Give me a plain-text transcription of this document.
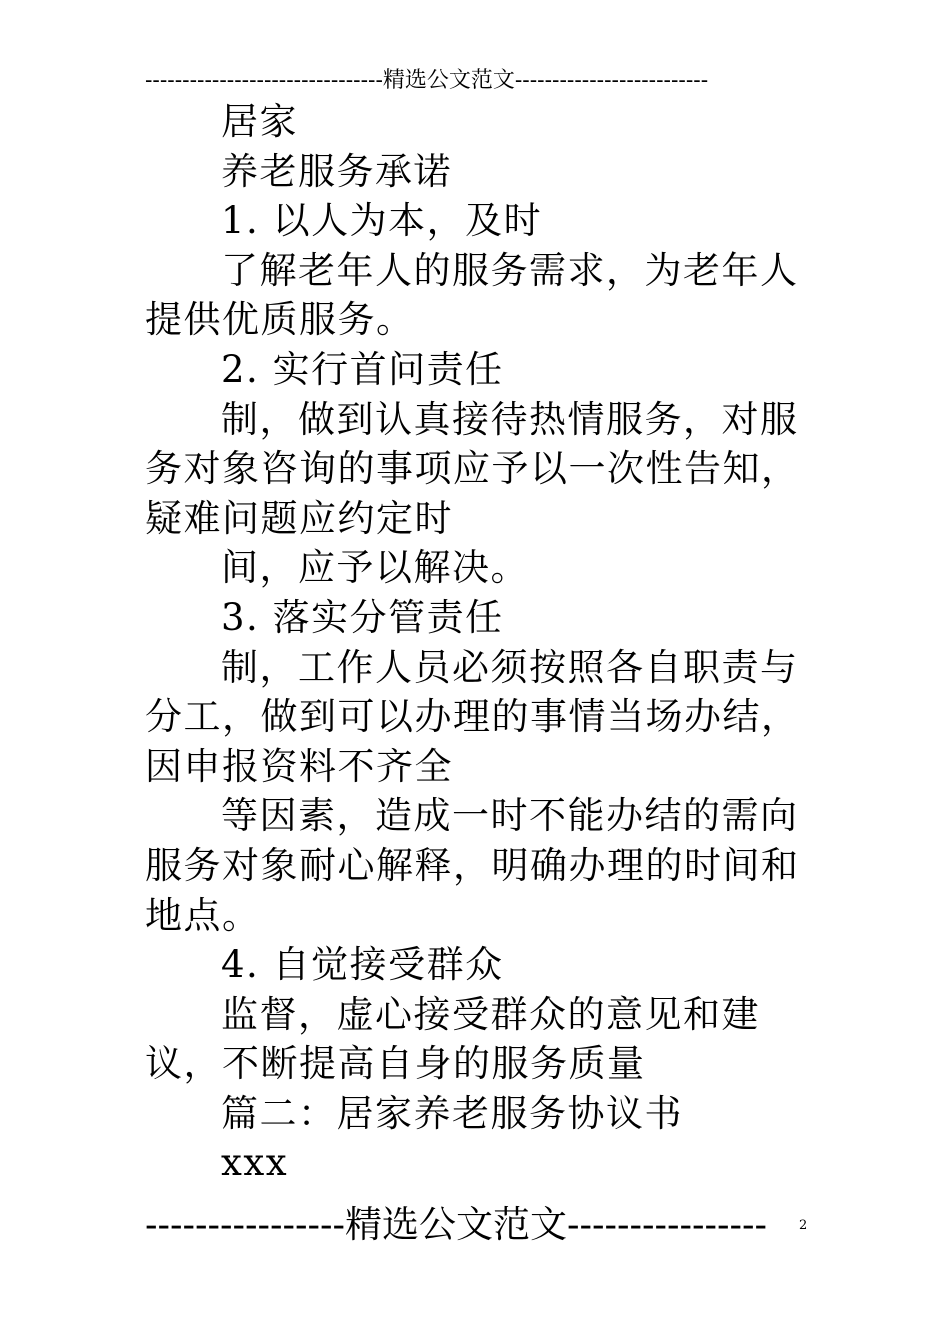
--------------------------------精选公文范文--------------------------

居家

养老服务承诺

1. 以人为本，及时

了解老年人的服务需求，为老年人提供优质服务。

2. 实行首问责任

制，做到认真接待热情服务，对服务对象咨询的事项应予以一次性告知，疑难问题应约定时

间，应予以解决。

3. 落实分管责任

制，工作人员必须按照各自职责与分工，做到可以办理的事情当场办结，因申报资料不齐全

等因素，造成一时不能办结的需向服务对象耐心解释，明确办理的时间和地点。

4. 自觉接受群众

监督，虚心接受群众的意见和建议，不断提高自身的服务质量

篇二：居家养老服务协议书

xxx

----------------精选公文范文----------------	2
